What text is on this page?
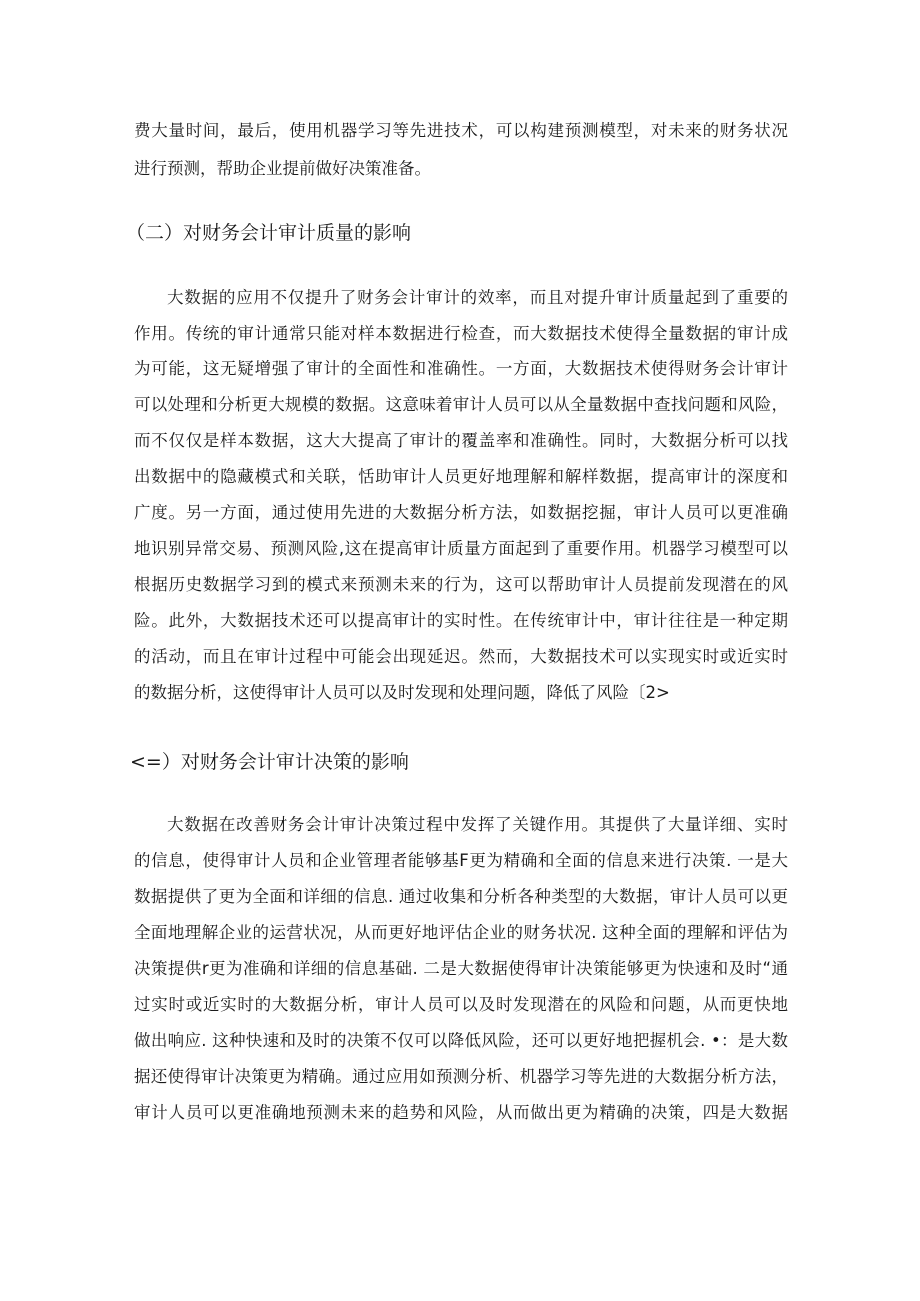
费大量时间，最后，使用机器学习等先进技术，可以构建预测模型，对未来的财务状况
进行预测，帮助企业提前做好决策准备。
（二）对财务会计审计质量的影响
大数据的应用不仅提升了财务会计审计的效率，而且对提升审计质量起到了重要的
作用。传统的审计通常只能对样本数据进行检查，而大数据技术使得全量数据的审计成
为可能，这无疑增强了审计的全面性和准确性。一方面，大数据技术使得财务会计审计
可以处理和分析更大规模的数据。这意味着审计人员可以从全量数据中查找问题和风险，
而不仅仅是样本数据，这大大提高了审计的覆盖率和准确性。同时，大数据分析可以找
出数据中的隐藏模式和关联，恬助审计人员更好地理解和解样数据，提高审计的深度和
广度。另一方面，通过使用先进的大数据分析方法，如数据挖掘，审计人员可以更准确
地识别异常交易、预测风险,这在提高审计质量方面起到了重要作用。机器学习模型可以
根据历史数据学习到的模式来预测未来的行为，这可以帮助审计人员提前发现潜在的风
险。此外，大数据技术还可以提高审计的实时性。在传统审计中，审计往往是一种定期
的活动，而且在审计过程中可能会出现延迟。然而，大数据技术可以实现实时或近实时
的数据分析，这使得审计人员可以及时发现和处理问题，降低了风险〔2>
<=）对财务会计审计决策的影响
大数据在改善财务会计审计决策过程中发挥了关键作用。其提供了大量详细、实时
的信息，使得审计人员和企业管理者能够基F更为精确和全面的信息来进行决策. 一是大
数据提供了更为全面和详细的信息. 通过收集和分析各种类型的大数据，审计人员可以更
全面地理解企业的运营状况，从而更好地评估企业的财务状况. 这种全面的理解和评估为
决策提供r更为准确和详细的信息基础. 二是大数据使得审计决策能够更为快速和及时“通
过实时或近实时的大数据分析，审计人员可以及时发现潜在的风险和问题，从而更快地
做出响应. 这种快速和及时的决策不仅可以降低风险，还可以更好地把握机会. •：是大数
据还使得审计决策更为精确。通过应用如预测分析、机器学习等先进的大数据分析方法，
审计人员可以更准确地预测未来的趋势和风险，从而做出更为精确的决策，四是大数据
